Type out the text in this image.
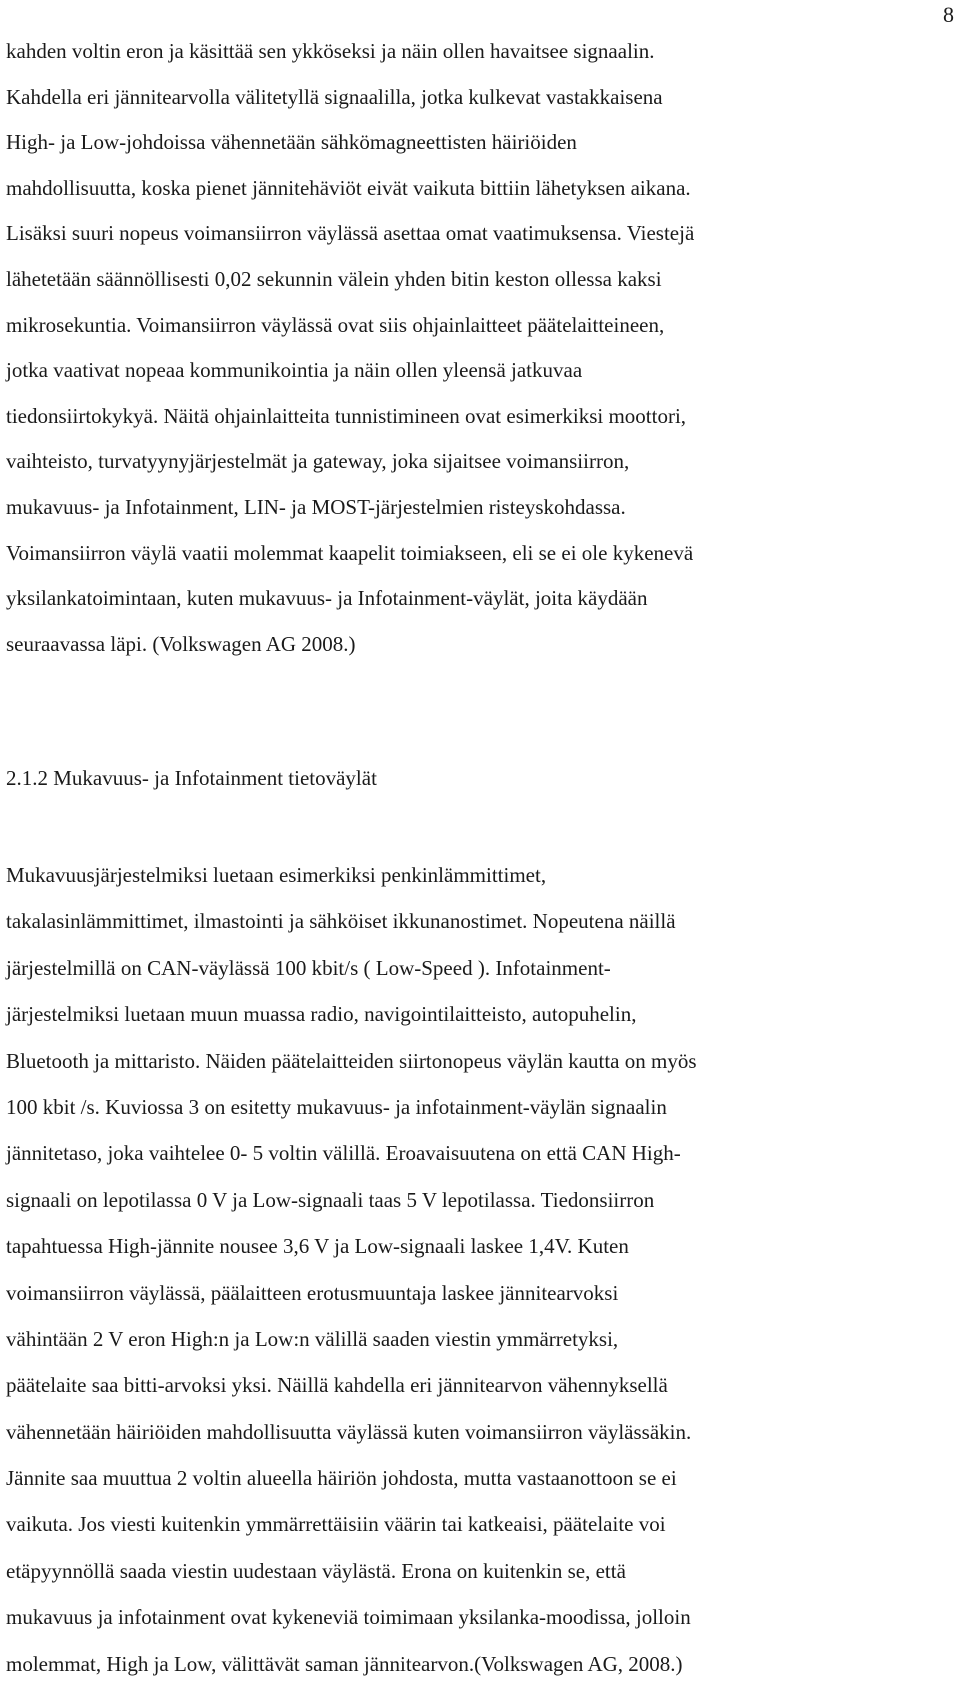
8
kahden voltin eron ja käsittää sen ykköseksi ja näin ollen havaitsee signaalin.
Kahdella eri jännitearvolla välitetyllä signaalilla, jotka kulkevat vastakkaisena
High- ja Low-johdoissa vähennetään sähkömagneettisten häiriöiden
mahdollisuutta, koska pienet jännitehäviöt eivät vaikuta bittiin lähetyksen aikana.
Lisäksi suuri nopeus voimansiirron väylässä asettaa omat vaatimuksensa. Viestejä
lähetetään säännöllisesti 0,02 sekunnin välein yhden bitin keston ollessa kaksi
mikrosekuntia. Voimansiirron väylässä ovat siis ohjainlaitteet päätelaitteineen,
jotka vaativat nopeaa kommunikointia ja näin ollen yleensä jatkuvaa
tiedonsiirtokykyä. Näitä ohjainlaitteita tunnistimineen ovat esimerkiksi moottori,
vaihteisto, turvatyynyjärjestelmät ja gateway, joka sijaitsee voimansiirron,
mukavuus- ja Infotainment, LIN- ja MOST-järjestelmien risteyskohdassa.
Voimansiirron väylä vaatii molemmat kaapelit toimiakseen, eli se ei ole kykenevä
yksilankatoimintaan, kuten mukavuus- ja Infotainment-väylät, joita käydään
seuraavassa läpi. (Volkswagen AG 2008.)
2.1.2 Mukavuus- ja Infotainment tietoväylät
Mukavuusjärjestelmiksi luetaan esimerkiksi penkinlämmittimet,
takalasinlämmittimet, ilmastointi ja sähköiset ikkunanostimet. Nopeutena näillä
järjestelmillä on CAN-väylässä 100 kbit/s ( Low-Speed ). Infotainment-
järjestelmiksi luetaan muun muassa radio, navigointilaitteisto, autopuhelin,
Bluetooth ja mittaristo. Näiden päätelaitteiden siirtonopeus väylän kautta on myös
100 kbit /s. Kuviossa 3 on esitetty mukavuus- ja infotainment-väylän signaalin
jännitetaso, joka vaihtelee 0- 5 voltin välillä. Eroavaisuutena on että CAN High-
signaali on lepotilassa 0 V ja Low-signaali taas 5 V lepotilassa. Tiedonsiirron
tapahtuessa High-jännite nousee 3,6 V ja Low-signaali laskee 1,4V. Kuten
voimansiirron väylässä, päälaitteen erotusmuuntaja laskee jännitearvoksi
vähintään 2 V eron High:n ja Low:n välillä saaden viestin ymmärretyksi,
päätelaite saa bitti-arvoksi yksi. Näillä kahdella eri jännitearvon vähennyksellä
vähennetään häiriöiden mahdollisuutta väylässä kuten voimansiirron väylässäkin.
Jännite saa muuttua 2 voltin alueella häiriön johdosta, mutta vastaanottoon se ei
vaikuta. Jos viesti kuitenkin ymmärrettäisiin väärin tai katkeaisi, päätelaite voi
etäpyynnöllä saada viestin uudestaan väylästä. Erona on kuitenkin se, että
mukavuus ja infotainment ovat kykeneviä toimimaan yksilanka-moodissa, jolloin
molemmat, High ja Low, välittävät saman jännitearvon.(Volkswagen AG, 2008.)
